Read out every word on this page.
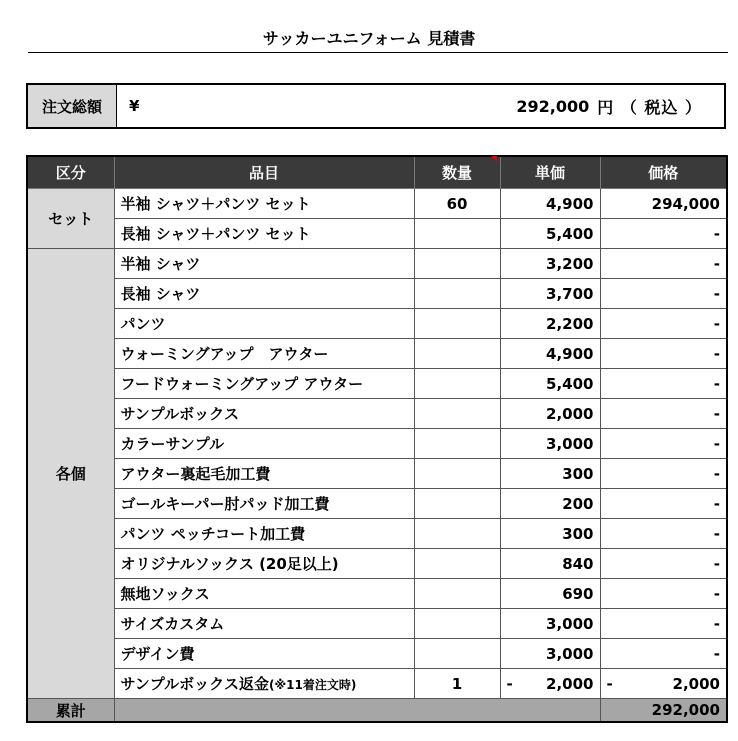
サッカーユニフォーム 見積書
注文総額	¥	292,000 円 （ 税込 ）
区分	品目	数量	単価	価格
セット	半袖 シャツ＋パンツ セット	60	4,900	294,000
	長袖 シャツ＋パンツ セット		5,400	-
各個	半袖 シャツ		3,200	-
	長袖 シャツ		3,700	-
	パンツ		2,200	-
	ウォーミングアップ　アウター		4,900	-
	フードウォーミングアップ アウター		5,400	-
	サンプルボックス		2,000	-
	カラーサンプル		3,000	-
	アウター裏起毛加工費		300	-
	ゴールキーパー肘パッド加工費		200	-
	パンツ ペッチコート加工費		300	-
	オリジナルソックス (20足以上)		840	-
	無地ソックス		690	-
	サイズカスタム		3,000	-
	デザイン費		3,000	-
	サンプルボックス返金(※11着注文時)	1	- 2,000	- 2,000

累計				292,000
